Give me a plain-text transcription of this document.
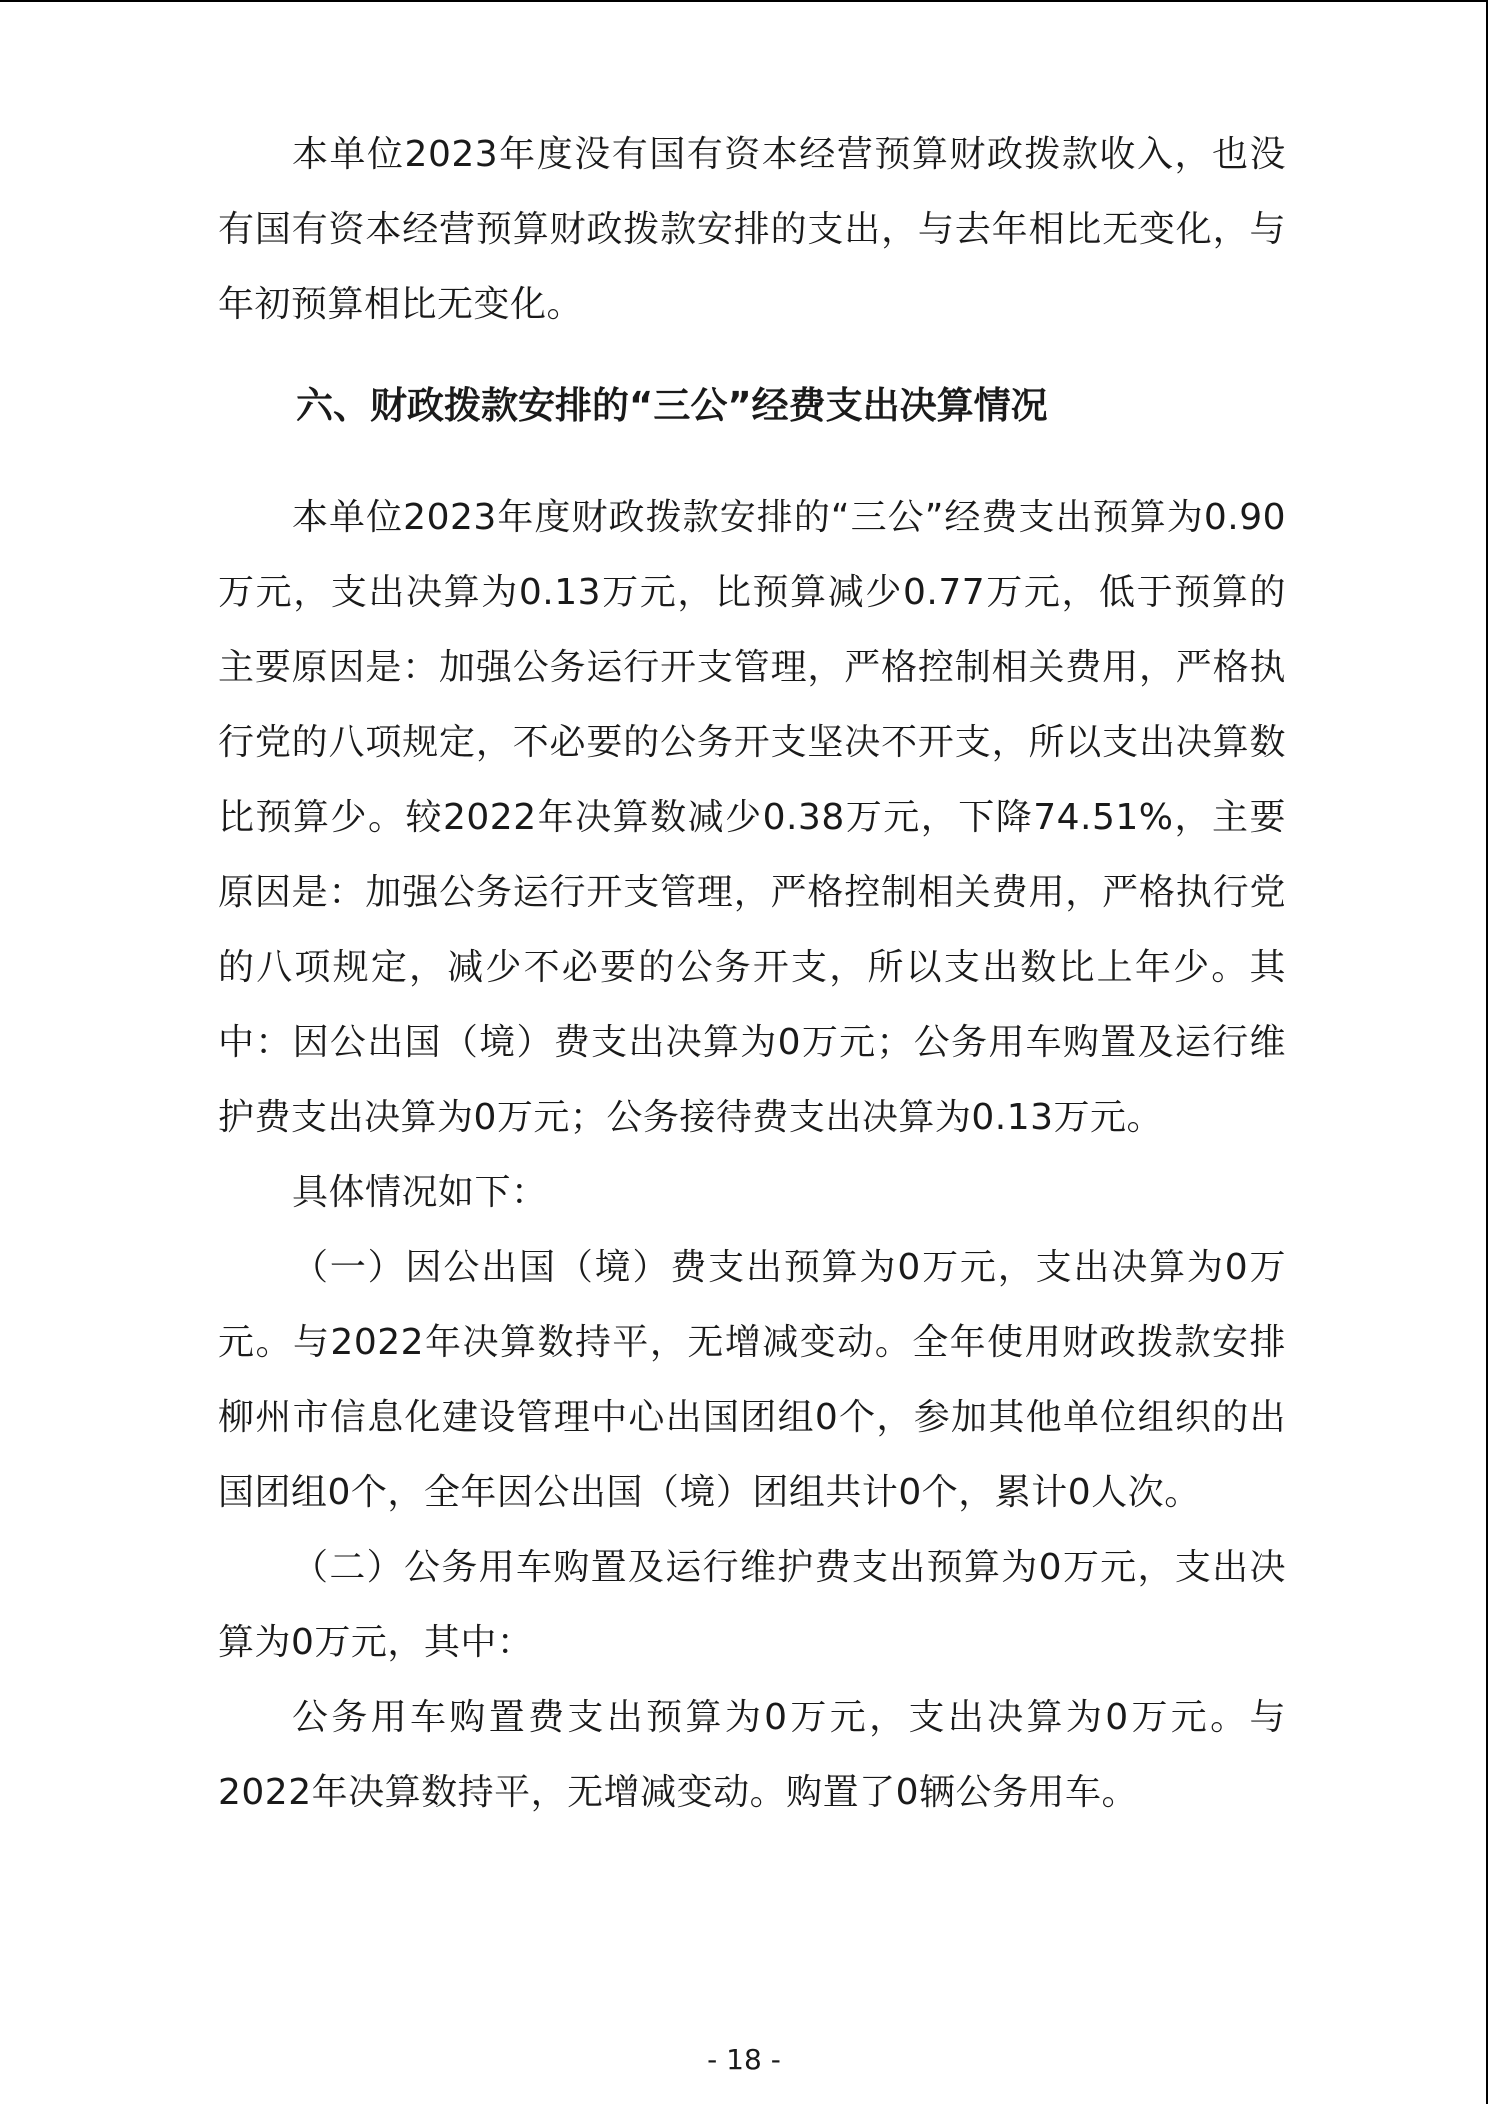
本单位2023年度没有国有资本经营预算财政拨款收入，也没有国有资本经营预算财政拨款安排的支出，与去年相比无变化，与年初预算相比无变化。

六、财政拨款安排的“三公”经费支出决算情况

本单位2023年度财政拨款安排的“三公”经费支出预算为0.90万元，支出决算为0.13万元，比预算减少0.77万元，低于预算的主要原因是：加强公务运行开支管理，严格控制相关费用，严格执行党的八项规定，不必要的公务开支坚决不开支，所以支出决算数比预算少。较2022年决算数减少0.38万元，下降74.51%，主要原因是：加强公务运行开支管理，严格控制相关费用，严格执行党的八项规定，减少不必要的公务开支，所以支出数比上年少。其中：因公出国（境）费支出决算为0万元；公务用车购置及运行维护费支出决算为0万元；公务接待费支出决算为0.13万元。

具体情况如下：

（一）因公出国（境）费支出预算为0万元，支出决算为0万元。与2022年决算数持平，无增减变动。全年使用财政拨款安排柳州市信息化建设管理中心出国团组0个，参加其他单位组织的出国团组0个，全年因公出国（境）团组共计0个，累计0人次。

（二）公务用车购置及运行维护费支出预算为0万元，支出决算为0万元，其中：

公务用车购置费支出预算为0万元，支出决算为0万元。与2022年决算数持平，无增减变动。购置了0辆公务用车。

- 18 -
